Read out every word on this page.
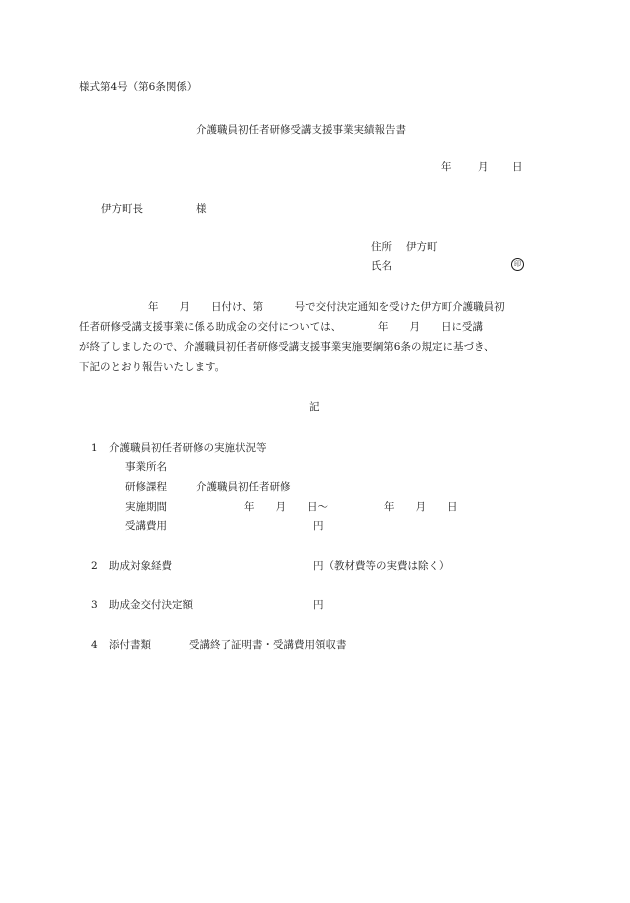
様式第4号（第6条関係）
介護職員初任者研修受講支援事業実績報告書
年	月 日
伊方町長	様
住所 伊方町
氏名	印
年　　月　　日付け、第　　　号で交付決定通知を受けた伊方町介護職員初
任者研修受講支援事業に係る助成金の交付については、　　　　年　　月　　日に受講
が終了しましたので、介護職員初任者研修受講支援事業実施要綱第6条の規定に基づき、
下記のとおり報告いたします。
記
1 介護職員初任者研修の実施状況等
事業所名
研修課程	介護職員初任者研修
実施期間	年　　月　　日～	年　　月　　日
受講費用	円
2 助成対象経費	円（教材費等の実費は除く）
3 助成金交付決定額	円
4 添付書類	受講終了証明書・受講費用領収書
